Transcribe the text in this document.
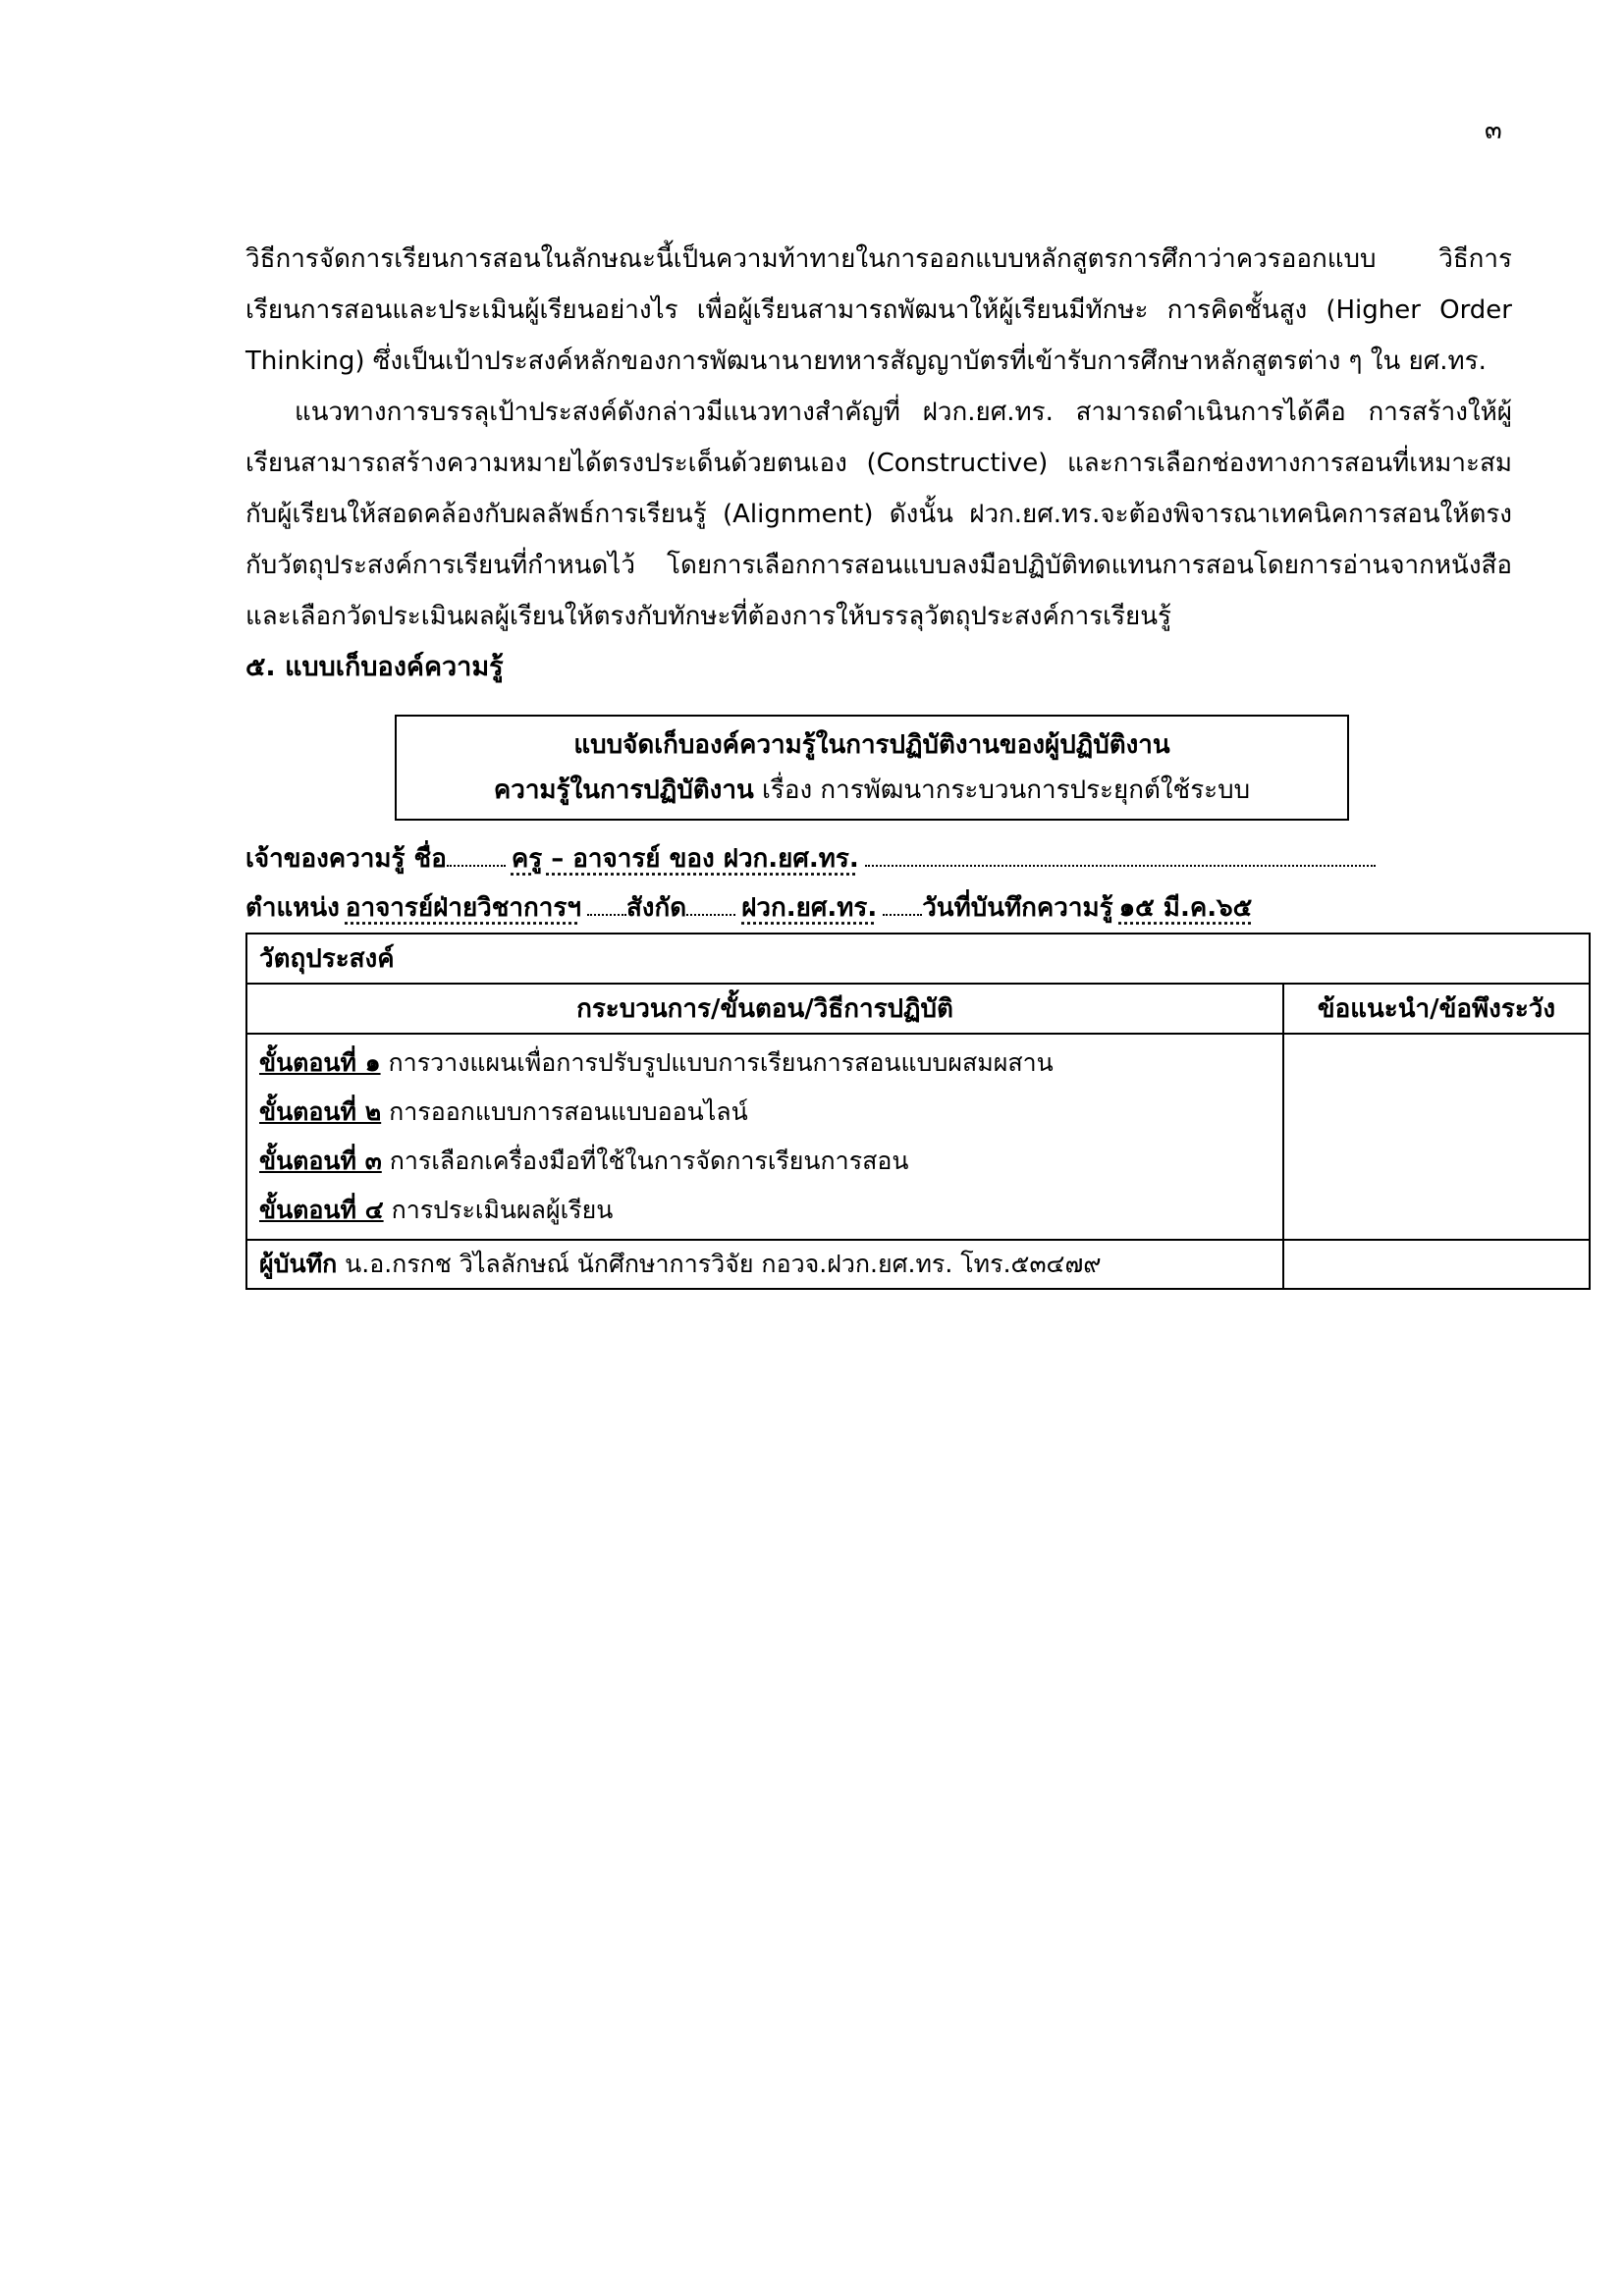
๓

วิธีการจัดการเรียนการสอนในลักษณะนี้เป็นความท้าทายในการออกแบบหลักสูตรการศึกาว่าควรออกแบบ วิธีการเรียนการสอนและประเมินผู้เรียนอย่างไร เพื่อผู้เรียนสามารถพัฒนาให้ผู้เรียนมีทักษะ การคิดชั้นสูง (Higher Order Thinking) ซึ่งเป็นเป้าประสงค์หลักของการพัฒนานายทหารสัญญาบัตรที่เข้ารับการศึกษาหลักสูตรต่าง ๆ ใน ยศ.ทร.

แนวทางการบรรลุเป้าประสงค์ดังกล่าวมีแนวทางสำคัญที่ ฝวก.ยศ.ทร. สามารถดำเนินการได้คือ การสร้างให้ผู้เรียนสามารถสร้างความหมายได้ตรงประเด็นด้วยตนเอง (Constructive) และการเลือกช่องทางการสอนที่เหมาะสมกับผู้เรียนให้สอดคล้องกับผลลัพธ์การเรียนรู้ (Alignment) ดังนั้น ฝวก.ยศ.ทร.จะต้องพิจารณาเทคนิคการสอนให้ตรงกับวัตถุประสงค์การเรียนที่กำหนดไว้ โดยการเลือกการสอนแบบลงมือปฏิบัติทดแทนการสอนโดยการอ่านจากหนังสือ และเลือกวัดประเมินผลผู้เรียนให้ตรงกับทักษะที่ต้องการให้บรรลุวัตถุประสงค์การเรียนรู้

๕. แบบเก็บองค์ความรู้

แบบจัดเก็บองค์ความรู้ในการปฏิบัติงานของผู้ปฏิบัติงาน
ความรู้ในการปฏิบัติงาน เรื่อง การพัฒนากระบวนการประยุกต์ใช้ระบบ

เจ้าของความรู้ ชื่อ	ครู – อาจารย์ ของ ฝวก.ยศ.ทร.

ตำแหน่ง อาจารย์ฝ่ายวิชาการฯ สังกัด ฝวก.ยศ.ทร. วันที่บันทึกความรู้ ๑๕ มี.ค.๖๕

วัตถุประสงค์	
กระบวนการ/ขั้นตอน/วิธีการปฏิบัติ	ข้อแนะนำ/ข้อพึงระวัง

ขั้นตอนที่ ๑ การวางแผนเพื่อการปรับรูปแบบการเรียนการสอนแบบผสมผสาน
ขั้นตอนที่ ๒ การออกแบบการสอนแบบออนไลน์
ขั้นตอนที่ ๓ การเลือกเครื่องมือที่ใช้ในการจัดการเรียนการสอน
ขั้นตอนที่ ๔ การประเมินผลผู้เรียน	

ผู้บันทึก น.อ.กรกช วิไลลักษณ์ นักศึกษาการวิจัย กอวจ.ฝวก.ยศ.ทร. โทร.๕๓๔๗๙	
